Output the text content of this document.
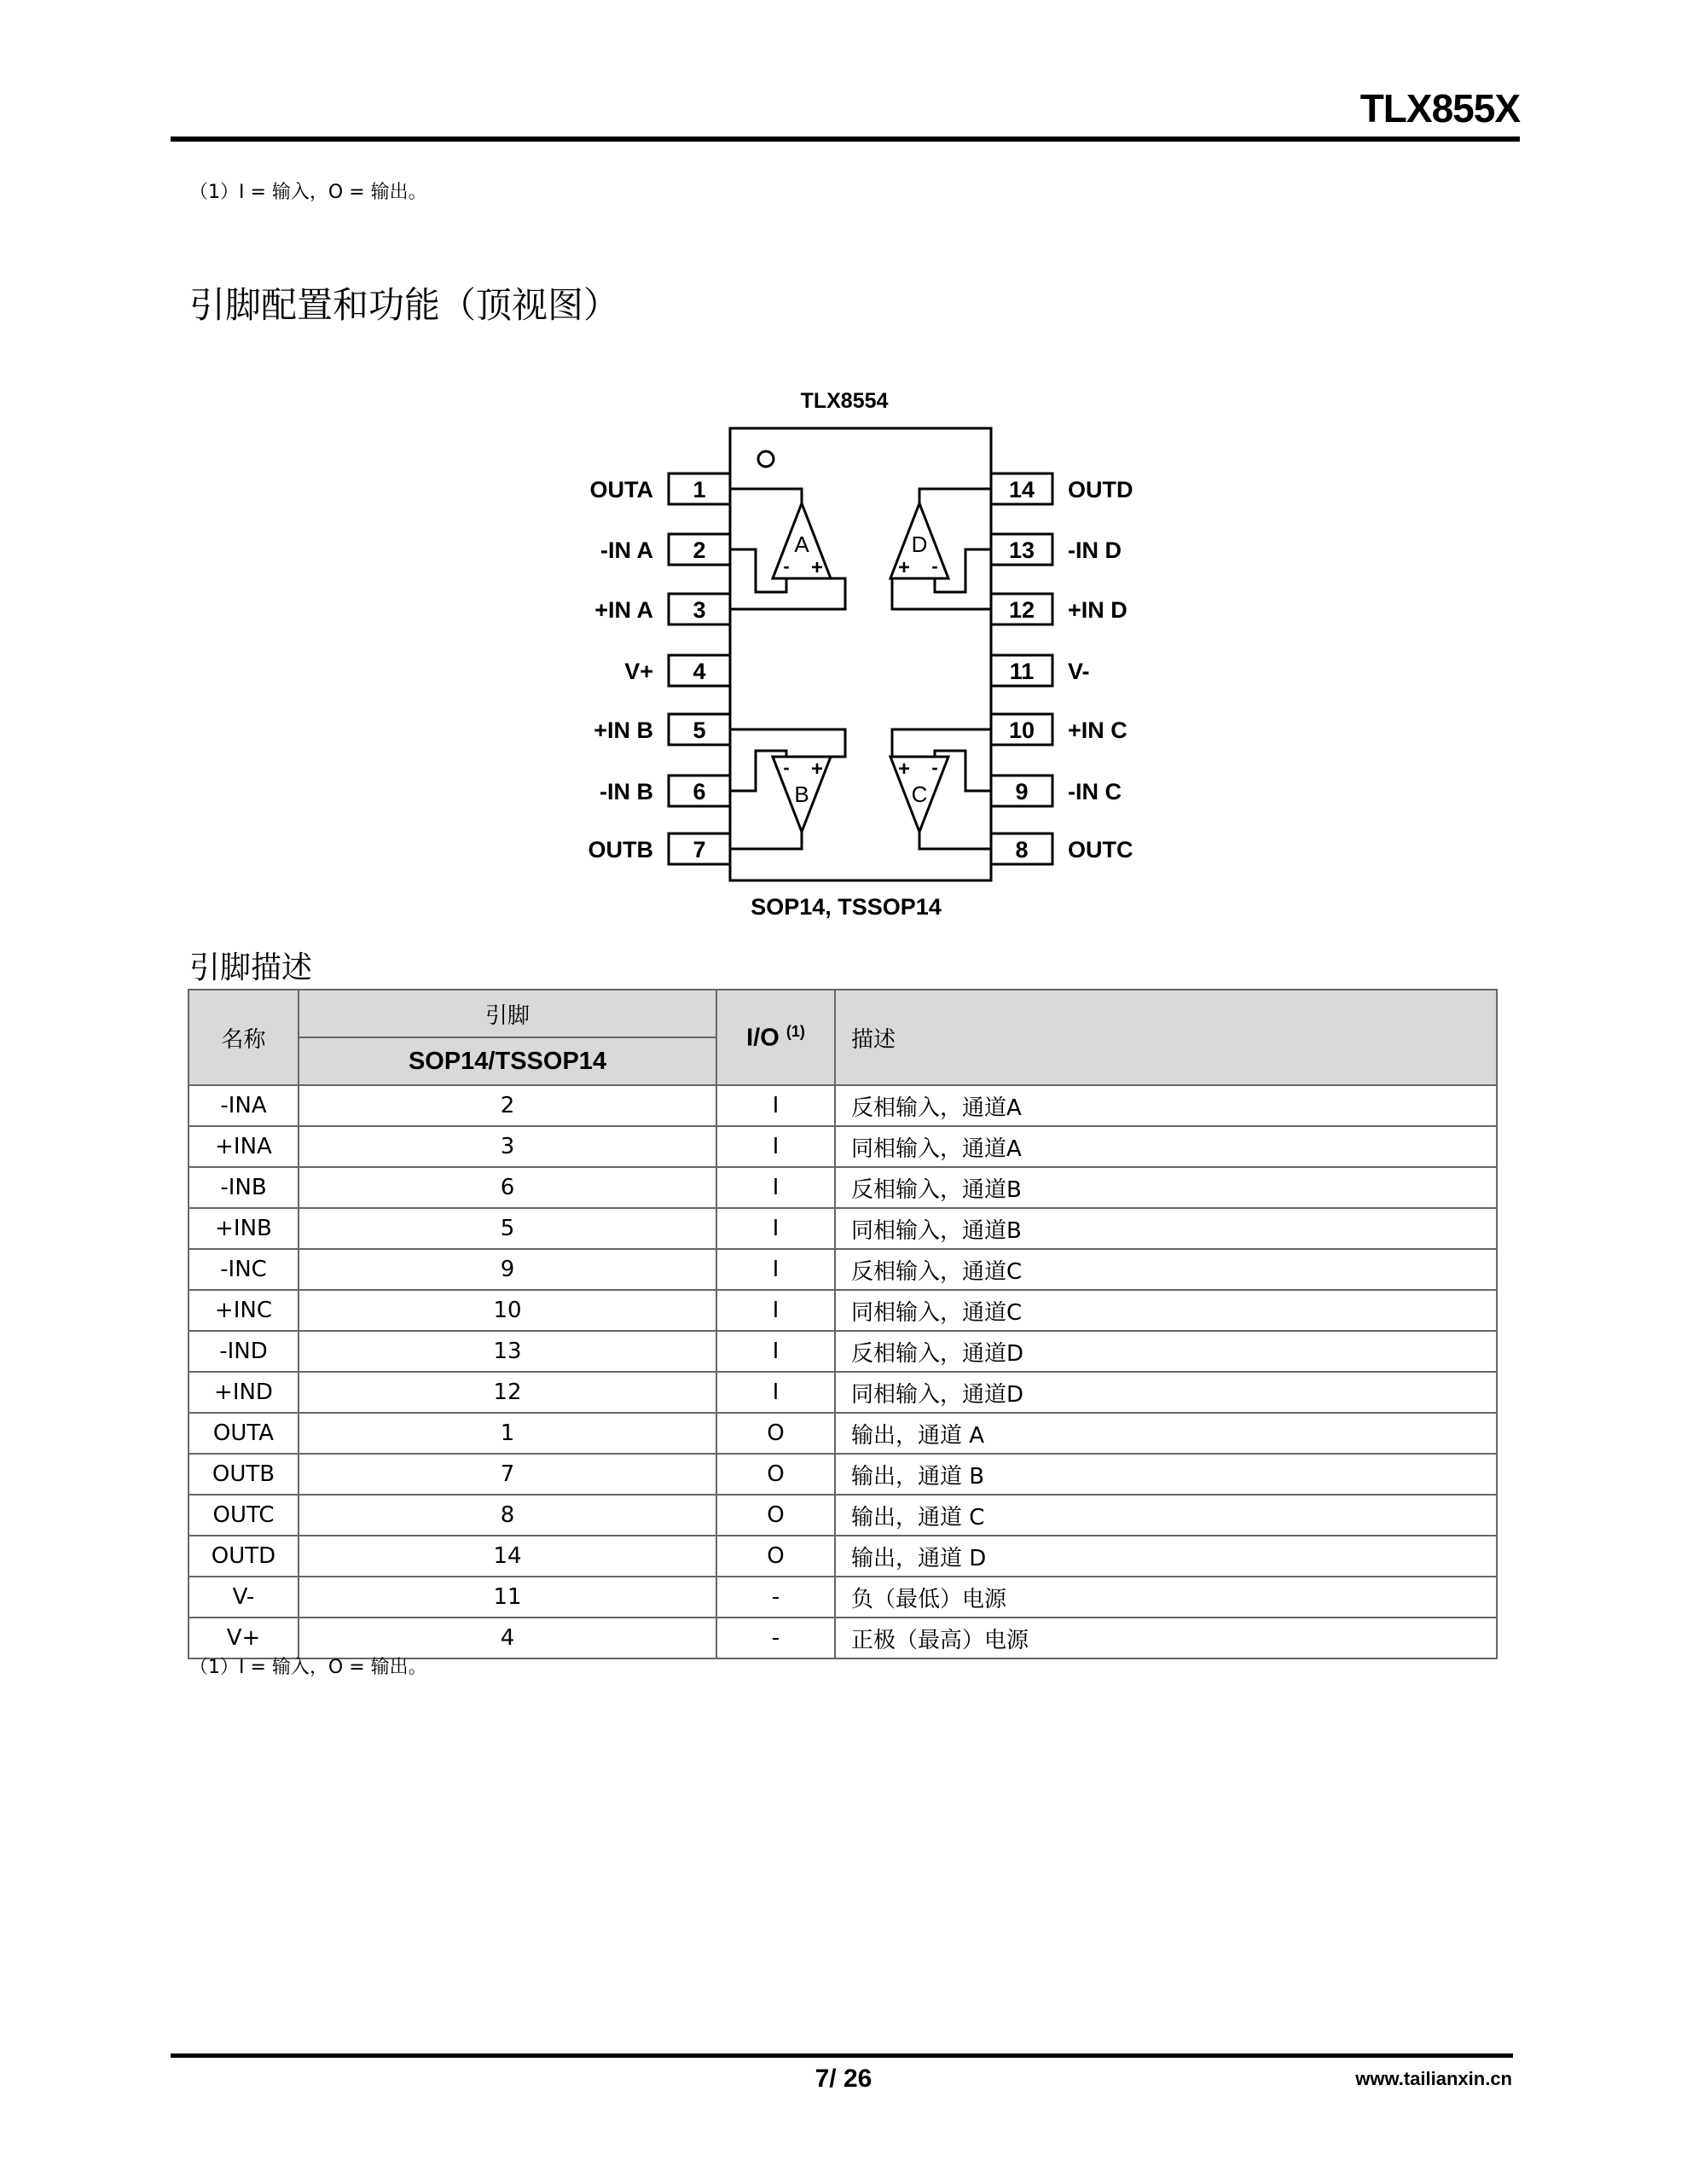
TLX855X
（1）I = 输入，O = 输出。
引脚配置和功能（顶视图）
TLX8554
SOP14, TSSOP14
1
2
3
4
5
6
7
OUTA
-IN A
+IN A
V+
+IN B
-IN B
OUTB
14
13
12
11
10
9
8
OUTD
-IN D
+IN D
V-
+IN C
-IN C
OUTC
A
B	C
D
- +	+ -
- +	+ -
引脚描述
名称	引脚	I/O $^{(1)}$	描述
	SOP14/TSSOP14		
-INA	2	I	反相输入，通道A
+INA	3	I	同相输入，通道A
-INB	6	I	反相输入，通道B
+INB	5	I	同相输入，通道B
-INC	9	I	反相输入，通道C
+INC	10	I	同相输入，通道C
-IND	13	I	反相输入，通道D
+IND	12	I	同相输入，通道D
OUTA	1	O	输出，通道 A
OUTB	7	O	输出，通道 B
OUTC	8	O	输出，通道 C
OUTD	14	O	输出，通道 D
V-	11	-	负（最低）电源
V+	4	-	正极（最高）电源
（1）I = 输入，O = 输出。
7/ 26	www.tailianxin.cn
